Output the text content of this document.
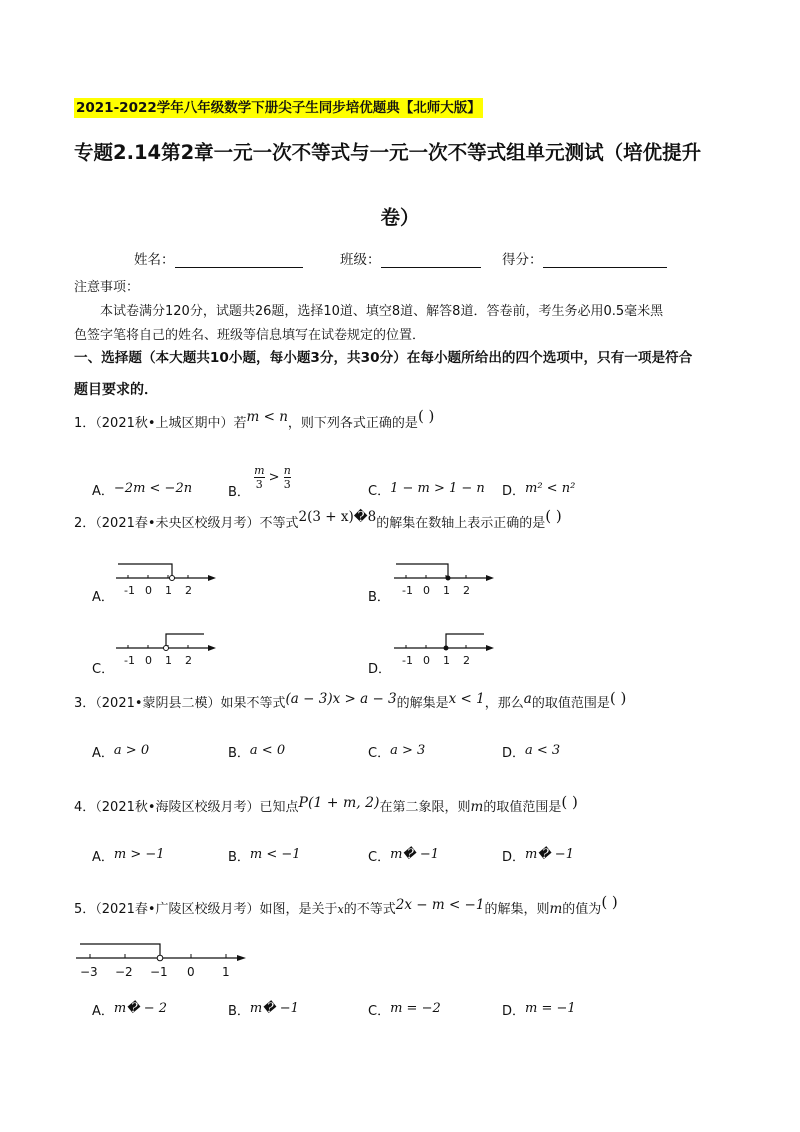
2021-2022学年八年级数学下册尖子生同步培优题典【北师大版】
专题2.14第2章一元一次不等式与一元一次不等式组单元测试（培优提升
卷）
姓名：	班级：	得分：
注意事项：
本试卷满分120分，试题共26题，选择10道、填空8道、解答8道．答卷前，考生务必用0.5毫米黑
色签字笔将自己的姓名、班级等信息填写在试卷规定的位置．
一、选择题（本大题共10小题，每小题3分，共30分）在每小题所给出的四个选项中，只有一项是符合
题目要求的．
1．（2021秋•上城区期中）若m < n，则下列各式正确的是( )
A．−2m < −2n	B．
$\frac{m}{3} > \frac{n}{3}$
C．1 − m > 1 − n D．m² < n²
2．（2021春•未央区校级月考）不等式2(3 + x)�8的解集在数轴上表示正确的是( )
A． -1 0 1 2	B． -1 0 1 2
C．
-1 0 1 2
D．
-1 0 1 2
3．（2021•蒙阴县二模）如果不等式(a − 3)x > a − 3的解集是x < 1，那么a的取值范围是( )
A．a > 0	B．a < 0	C．a > 3	D．a < 3
4．（2021秋•海陵区校级月考）已知点P(1 + m, 2)在第二象限，则m的取值范围是( )
A．m > −1	B．m < −1	C．m� −1	D．m� −1
5．（2021春•广陵区校级月考）如图，是关于x的不等式2x − m < −1的解集，则m的值为( )
−3 −2 −1 0 1
A．m� − 2	B．m� −1	C．m = −2	D．m = −1
